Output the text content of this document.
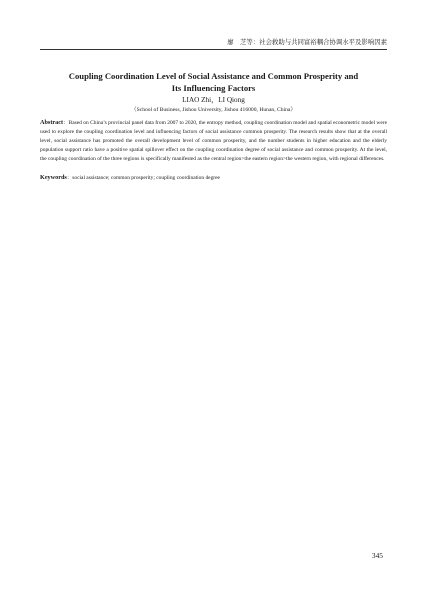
廖　芝等：社会救助与共同富裕耦合协调水平及影响因素
Coupling Coordination Level of Social Assistance and Common Prosperity and
Its Influencing Factors
LIAO Zhi，LI Qiong
（School of Business, Jishou University, Jishou 416000, Hunan, China）
Abstract：Based on China’s provincial panel data from 2007 to 2020, the entropy method, coupling coordination model and spatial econometric model were used to explore the coupling coordination level and influencing factors of social assistance common prosperity. The research results show that at the overall level, social assistance has promoted the overall development level of common prosperity, and the number students in higher education and the elderly population support ratio have a positive spatial spillover effect on the coupling coordination degree of social assistance and common prosperity. At the level, the coupling coordination of the three regions is specifically manifested as the central region>the eastern region>the western region, with regional differences.
Keywords：social assistance; common prosperity; coupling coordination degree
345
